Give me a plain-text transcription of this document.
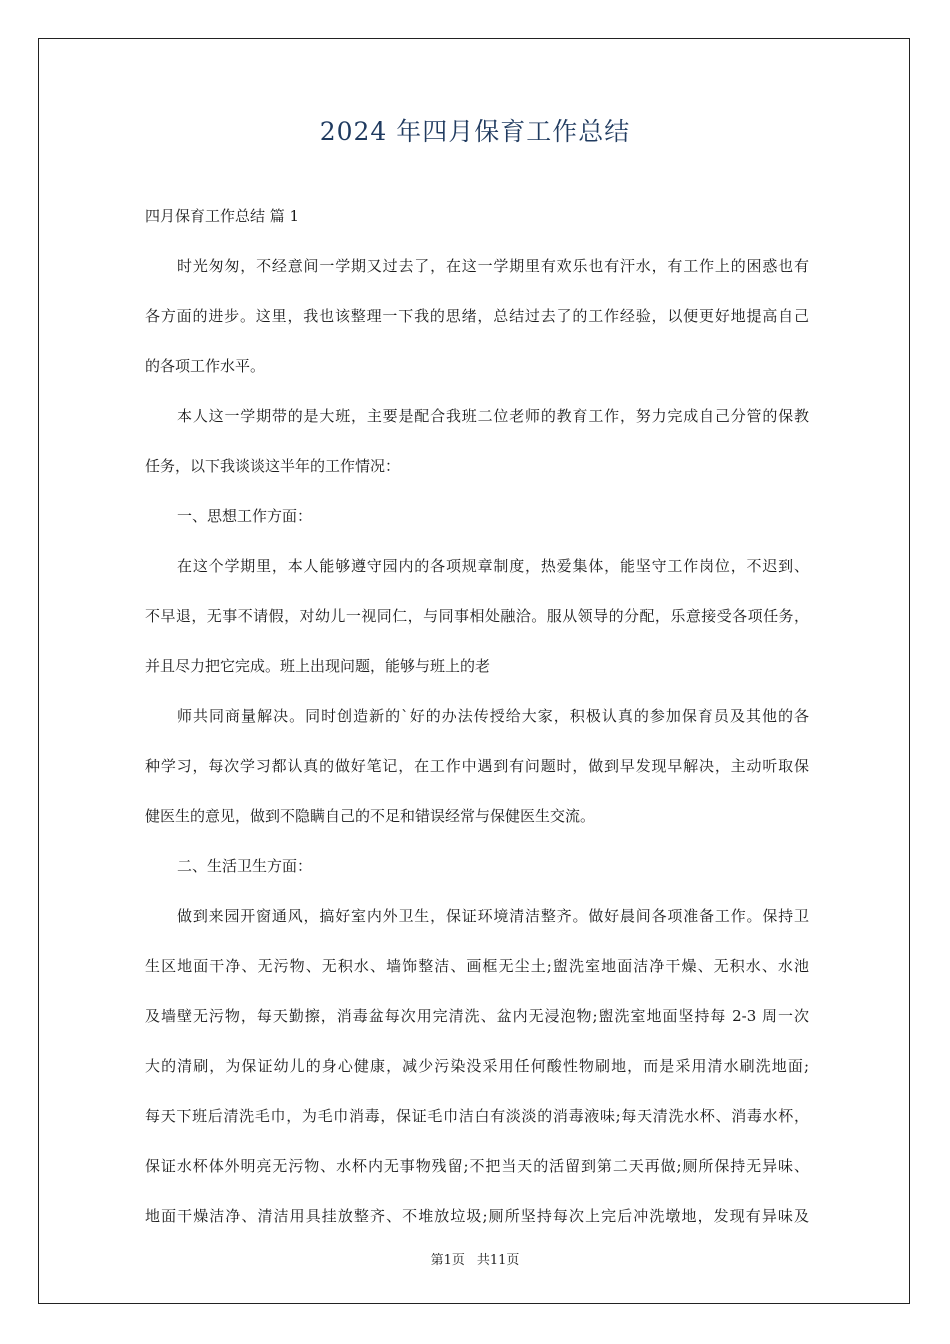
2024 年四月保育工作总结

四月保育工作总结 篇 1

时光匆匆，不经意间一学期又过去了，在这一学期里有欢乐也有汗水，有工作上的困惑也有
各方面的进步。这里，我也该整理一下我的思绪，总结过去了的工作经验，以便更好地提高自己
的各项工作水平。
本人这一学期带的是大班，主要是配合我班二位老师的教育工作，努力完成自己分管的保教
任务，以下我谈谈这半年的工作情况：
一、思想工作方面：
在这个学期里，本人能够遵守园内的各项规章制度，热爱集体，能坚守工作岗位，不迟到、
不早退，无事不请假，对幼儿一视同仁，与同事相处融洽。服从领导的分配，乐意接受各项任务，
并且尽力把它完成。班上出现问题，能够与班上的老
师共同商量解决。同时创造新的`好的办法传授给大家，积极认真的参加保育员及其他的各
种学习，每次学习都认真的做好笔记，在工作中遇到有问题时，做到早发现早解决，主动听取保
健医生的意见，做到不隐瞒自己的不足和错误经常与保健医生交流。
二、生活卫生方面：
做到来园开窗通风，搞好室内外卫生，保证环境清洁整齐。做好晨间各项准备工作。保持卫
生区地面干净、无污物、无积水、墙饰整洁、画框无尘土;盥洗室地面洁净干燥、无积水、水池
及墙壁无污物，每天勤擦，消毒盆每次用完清洗、盆内无浸泡物;盥洗室地面坚持每 2-3 周一次
大的清刷，为保证幼儿的身心健康，减少污染没采用任何酸性物刷地，而是采用清水刷洗地面;
每天下班后清洗毛巾，为毛巾消毒，保证毛巾洁白有淡淡的消毒液味;每天清洗水杯、消毒水杯，
保证水杯体外明亮无污物、水杯内无事物残留;不把当天的活留到第二天再做;厕所保持无异味、
地面干燥洁净、清洁用具挂放整齐、不堆放垃圾;厕所坚持每次上完后冲洗墩地，发现有异味及
第1页 共11页
